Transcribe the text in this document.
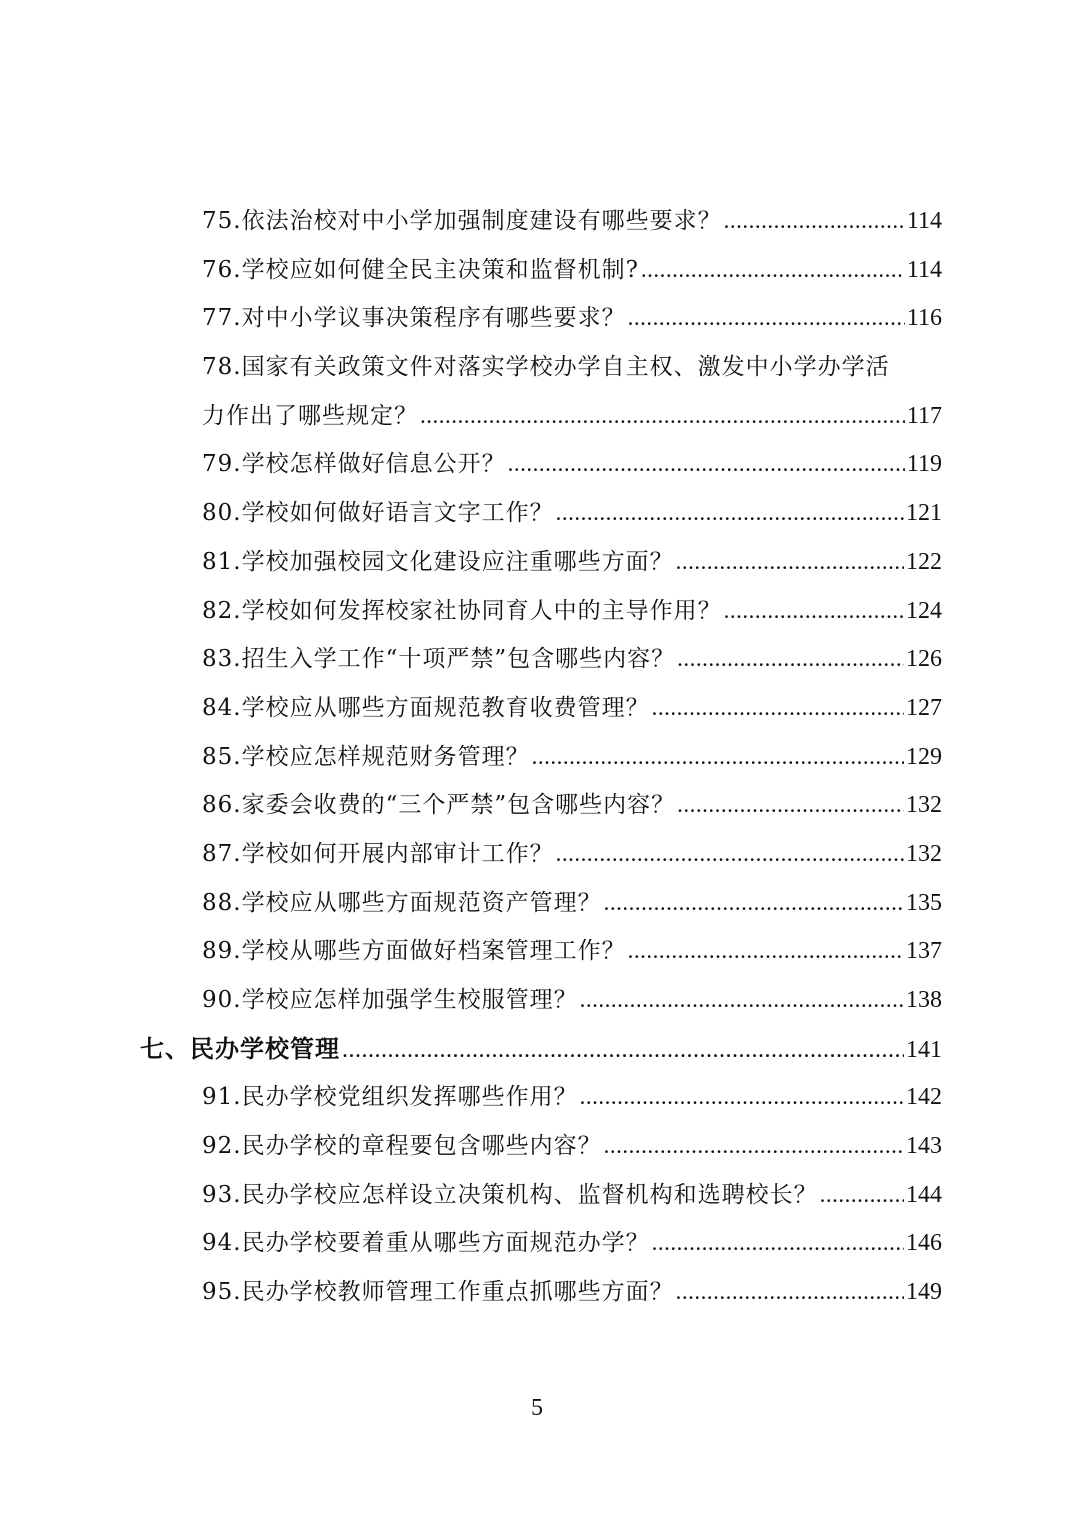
75.依法治校对中小学加强制度建设有哪些要求？ .....	114
76.学校应如何健全民主决策和监督机制? .....	114
77.对中小学议事决策程序有哪些要求？ .....	116
78.国家有关政策文件对落实学校办学自主权、激发中小学办学活
力作出了哪些规定？ .....	117
79.学校怎样做好信息公开？ .....	119
80.学校如何做好语言文字工作？ .....	121
81.学校加强校园文化建设应注重哪些方面？ .....	122
82.学校如何发挥校家社协同育人中的主导作用？ .....	124
83.招生入学工作“十项严禁”包含哪些内容？ .....	126
84.学校应从哪些方面规范教育收费管理？ .....	127
85.学校应怎样规范财务管理？ .....	129
86.家委会收费的“三个严禁”包含哪些内容？ .....	132
87.学校如何开展内部审计工作？ .....	132
88.学校应从哪些方面规范资产管理？ .....	135
89.学校从哪些方面做好档案管理工作？ .....	137
90.学校应怎样加强学生校服管理？ .....	138
七、民办学校管理 .....	141
91.民办学校党组织发挥哪些作用？ .....	142
92.民办学校的章程要包含哪些内容？ .....	143
93.民办学校应怎样设立决策机构、监督机构和选聘校长？ .....	144
94.民办学校要着重从哪些方面规范办学？ .....	146
95.民办学校教师管理工作重点抓哪些方面？ .....	149
5
